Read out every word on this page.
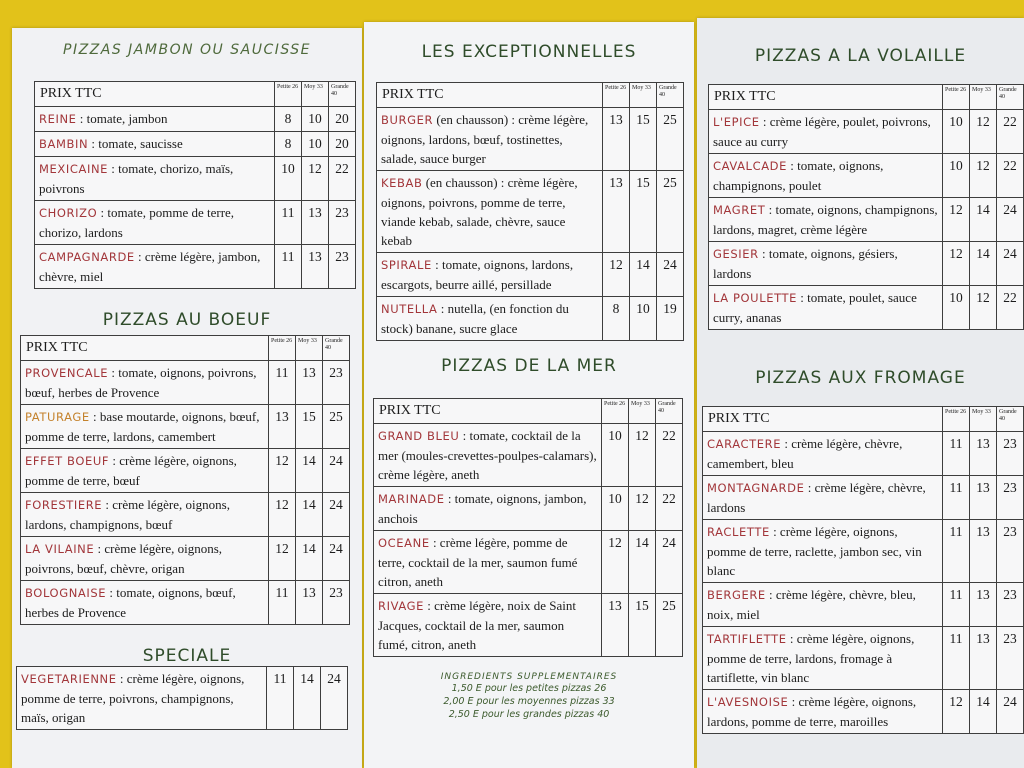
PIZZAS JAMBON OU SAUCISSE
PRIX TTC	Petite 26	Moy 33	Grande 40
REINE : tomate, jambon	8	10	20
BAMBIN : tomate, saucisse	8	10	20
MEXICAINE : tomate, chorizo, maïs, poivrons	10	12	22
CHORIZO : tomate, pomme de terre, chorizo, lardons	11	13	23
CAMPAGNARDE : crème légère, jambon, chèvre, miel	11	13	23
PIZZAS AU BOEUF
PRIX TTC	Petite 26	Moy 33	Grande 40
PROVENCALE : tomate, oignons, poivrons, bœuf, herbes de Provence	11	13	23
PATURAGE : base moutarde, oignons, bœuf, pomme de terre, lardons, camembert	13	15	25
EFFET BOEUF : crème légère, oignons, pomme de terre, bœuf	12	14	24
FORESTIERE : crème légère, oignons, lardons, champignons, bœuf	12	14	24
LA VILAINE : crème légère, oignons, poivrons, bœuf, chèvre, origan	12	14	24
BOLOGNAISE : tomate, oignons, bœuf, herbes de Provence	11	13	23
SPECIALE
VEGETARIENNE : crème légère, oignons, pomme de terre, poivrons, champignons, maïs, origan	11	14	24
LES EXCEPTIONNELLES
PRIX TTC	Petite 26	Moy 33	Grande 40
BURGER (en chausson) : crème légère, oignons, lardons, bœuf, tostinettes, salade, sauce burger	13	15	25
KEBAB (en chausson) : crème légère, oignons, poivrons, pomme de terre, viande kebab, salade, chèvre, sauce kebab	13	15	25
SPIRALE : tomate, oignons, lardons, escargots, beurre aillé, persillade	12	14	24
NUTELLA : nutella, (en fonction du stock) banane, sucre glace	8	10	19
PIZZAS DE LA MER
PRIX TTC	Petite 26	Moy 33	Grande 40
GRAND BLEU : tomate, cocktail de la mer (moules-crevettes-poulpes-calamars), crème légère, aneth	10	12	22
MARINADE : tomate, oignons, jambon, anchois	10	12	22
OCEANE : crème légère, pomme de terre, cocktail de la mer, saumon fumé citron, aneth	12	14	24
RIVAGE : crème légère, noix de Saint Jacques, cocktail de la mer, saumon fumé, citron, aneth	13	15	25
INGREDIENTS SUPPLEMENTAIRES
1,50 E pour les petites pizzas 26
2,00 E pour les moyennes pizzas 33
2,50 E pour les grandes pizzas 40
PIZZAS A LA VOLAILLE
PRIX TTC	Petite 26	Moy 33	Grande 40
L'EPICE : crème légère, poulet, poivrons, sauce au curry	10	12	22
CAVALCADE : tomate, oignons, champignons, poulet	10	12	22
MAGRET : tomate, oignons, champignons, lardons, magret, crème légère	12	14	24
GESIER : tomate, oignons, gésiers, lardons	12	14	24
LA POULETTE : tomate, poulet, sauce curry, ananas	10	12	22
PIZZAS AUX FROMAGE
PRIX TTC	Petite 26	Moy 33	Grande 40
CARACTERE : crème légère, chèvre, camembert, bleu	11	13	23
MONTAGNARDE : crème légère, chèvre, lardons	11	13	23
RACLETTE : crème légère, oignons, pomme de terre, raclette, jambon sec, vin blanc	11	13	23
BERGERE : crème légère, chèvre, bleu, noix, miel	11	13	23
TARTIFLETTE : crème légère, oignons, pomme de terre, lardons, fromage à tartiflette, vin blanc	11	13	23
L'AVESNOISE : crème légère, oignons, lardons, pomme de terre, maroilles	12	14	24
